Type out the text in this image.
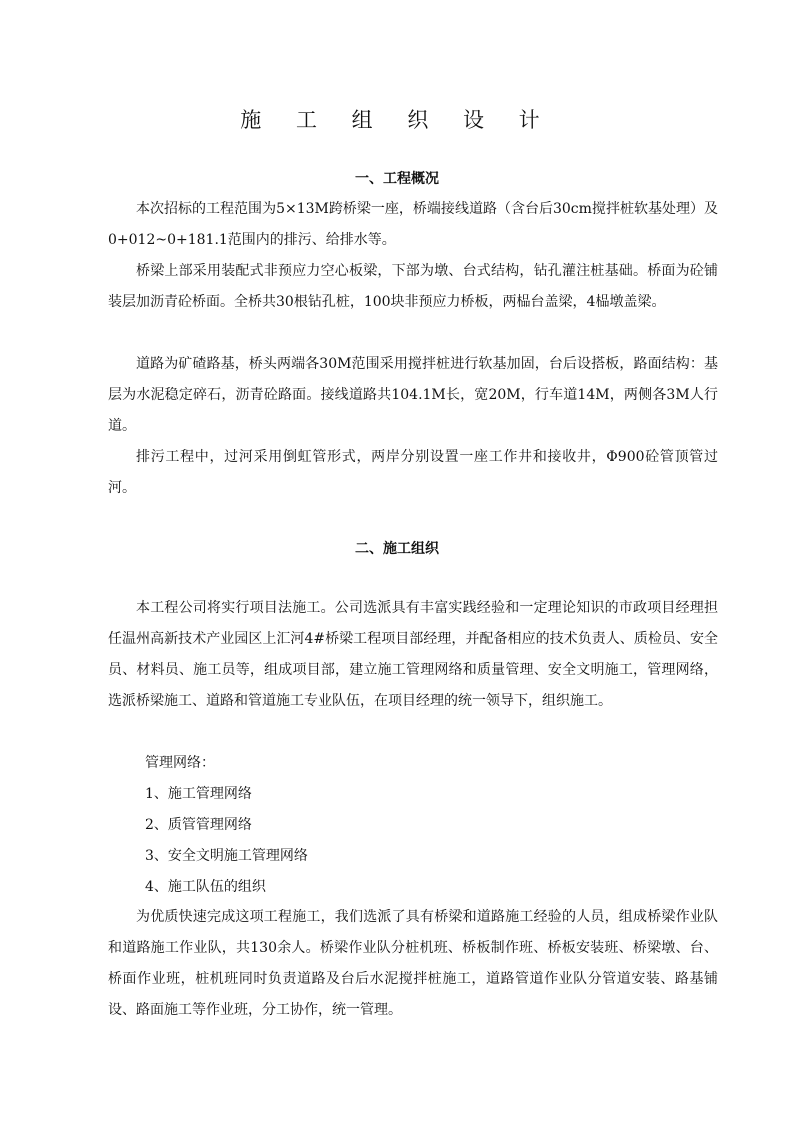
施 工 组 织 设 计
一、工程概况

本次招标的工程范围为5×13M跨桥梁一座，桥端接线道路（含台后30cm搅拌桩软基处理）及0+012~0+181.1范围内的排污、给排水等。

桥梁上部采用装配式非预应力空心板梁，下部为墩、台式结构，钻孔灌注桩基础。桥面为砼铺装层加沥青砼桥面。全桥共30根钻孔桩，100块非预应力桥板，两榀台盖梁，4榀墩盖梁。

道路为矿碴路基，桥头两端各30M范围采用搅拌桩进行软基加固，台后设搭板，路面结构：基层为水泥稳定碎石，沥青砼路面。接线道路共104.1M长，宽20M，行车道14M，两侧各3M人行道。

排污工程中，过河采用倒虹管形式，两岸分别设置一座工作井和接收井，Φ900砼管顶管过河。

二、施工组织

本工程公司将实行项目法施工。公司选派具有丰富实践经验和一定理论知识的市政项目经理担任温州高新技术产业园区上汇河4#桥梁工程项目部经理，并配备相应的技术负责人、质检员、安全员、材料员、施工员等，组成项目部，建立施工管理网络和质量管理、安全文明施工，管理网络，选派桥梁施工、道路和管道施工专业队伍，在项目经理的统一领导下，组织施工。

管理网络：

1、施工管理网络

2、质管管理网络

3、安全文明施工管理网络

4、施工队伍的组织

为优质快速完成这项工程施工，我们选派了具有桥梁和道路施工经验的人员，组成桥梁作业队和道路施工作业队，共130余人。桥梁作业队分桩机班、桥板制作班、桥板安装班、桥梁墩、台、桥面作业班，桩机班同时负责道路及台后水泥搅拌桩施工，道路管道作业队分管道安装、路基铺设、路面施工等作业班，分工协作，统一管理。
